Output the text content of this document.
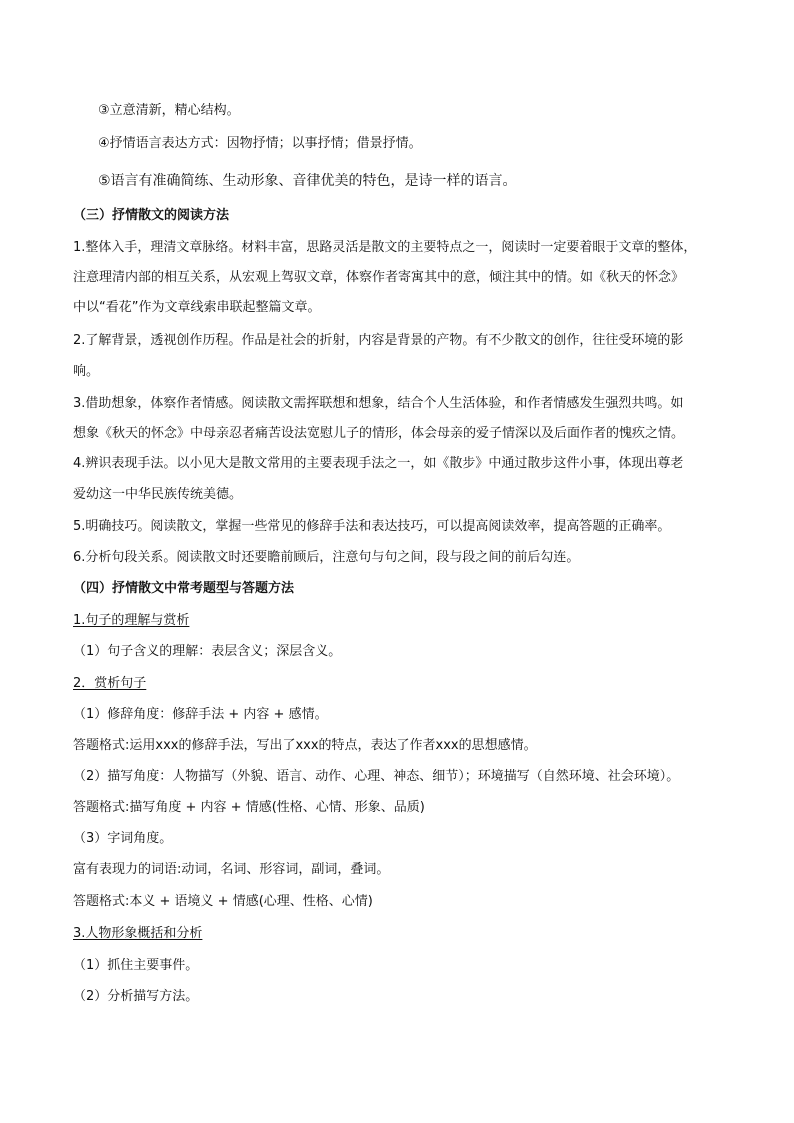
③立意清新，精心结构。
④抒情语言表达方式：因物抒情；以事抒情；借景抒情。
⑤语言有准确简练、生动形象、音律优美的特色，是诗一样的语言。
（三）抒情散文的阅读方法
1.整体入手，理清文章脉络。材料丰富，思路灵活是散文的主要特点之一，阅读时一定要着眼于文章的整体，
注意理清内部的相互关系，从宏观上驾驭文章，体察作者寄寓其中的意，倾注其中的情。如《秋天的怀念》
中以“看花”作为文章线索串联起整篇文章。
2.了解背景，透视创作历程。作品是社会的折射，内容是背景的产物。有不少散文的创作，往往受环境的影
响。
3.借助想象，体察作者情感。阅读散文需挥联想和想象，结合个人生活体验，和作者情感发生强烈共鸣。如
想象《秋天的怀念》中母亲忍者痛苦设法宽慰儿子的情形，体会母亲的爱子情深以及后面作者的愧疚之情。
4.辨识表现手法。以小见大是散文常用的主要表现手法之一，如《散步》中通过散步这件小事，体现出尊老
爱幼这一中华民族传统美德。
5.明确技巧。阅读散文，掌握一些常见的修辞手法和表达技巧，可以提高阅读效率，提高答题的正确率。
6.分析句段关系。阅读散文时还要瞻前顾后，注意句与句之间，段与段之间的前后勾连。
（四）抒情散文中常考题型与答题方法
1.句子的理解与赏析
（1）句子含义的理解：表层含义；深层含义。
2．赏析句子
（1）修辞角度：修辞手法 + 内容 + 感情。
答题格式:运用xxx的修辞手法，写出了xxx的特点，表达了作者xxx的思想感情。
（2）描写角度：人物描写（外貌、语言、动作、心理、神态、细节）；环境描写（自然环境、社会环境）。
答题格式:描写角度 + 内容 + 情感(性格、心情、形象、品质)
（3）字词角度。
富有表现力的词语:动词，名词、形容词，副词，叠词。
答题格式:本义 + 语境义 + 情感(心理、性格、心情)
3.人物形象概括和分析
（1）抓住主要事件。
（2）分析描写方法。
